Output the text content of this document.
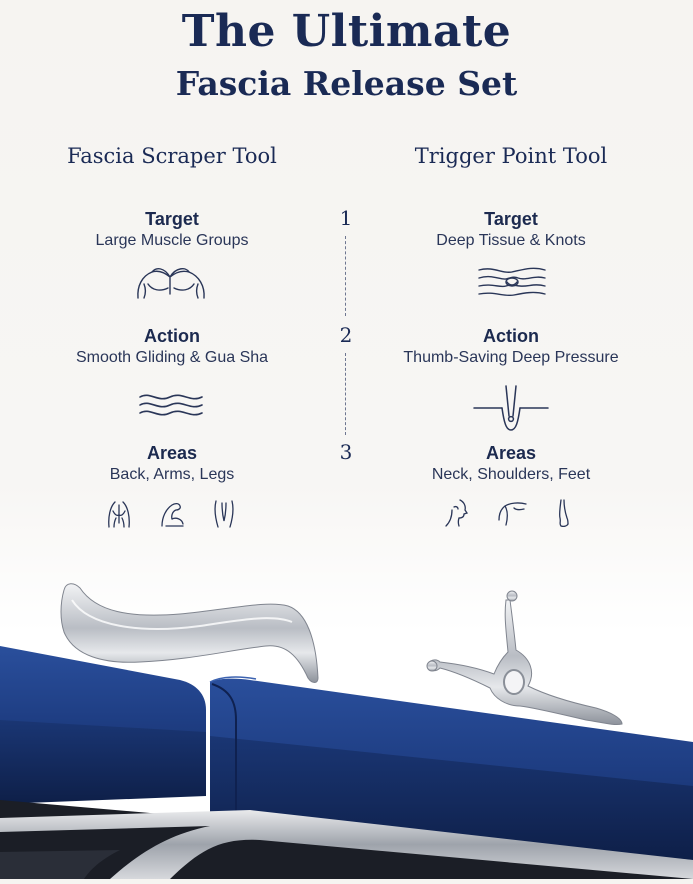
The Ultimate
Fascia Release Set
Fascia Scraper Tool	Trigger Point Tool
1
2
3
Target
Large Muscle Groups
Target
Deep Tissue & Knots
Action
Smooth Gliding & Gua Sha
Action
Thumb-Saving Deep Pressure
Areas
Back, Arms, Legs
Areas
Neck, Shoulders, Feet
